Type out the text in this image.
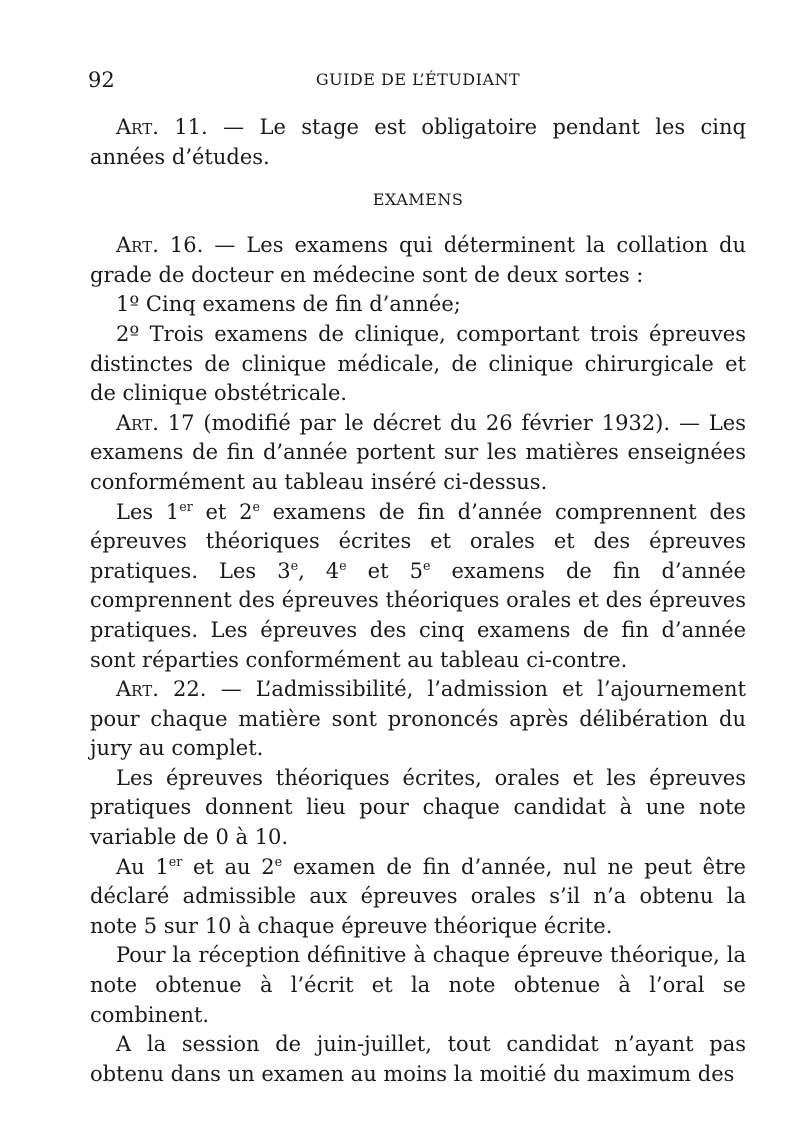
92	GUIDE DE L’ÉTUDIANT

Art. 11. — Le stage est obligatoire pendant les cinq années d’études.

EXAMENS

Art. 16. — Les examens qui déterminent la collation du grade de docteur en médecine sont de deux sortes :

1º Cinq examens de fin d’année;

2º Trois examens de clinique, comportant trois épreuves distinctes de clinique médicale, de clinique chirurgicale et de clinique obstétricale.

Art. 17 (modifié par le décret du 26 février 1932). — Les examens de fin d’année portent sur les matières enseignées conformément au tableau inséré ci-dessus.

Les 1er et 2e examens de fin d’année comprennent des épreuves théoriques écrites et orales et des épreuves pratiques. Les 3e, 4e et 5e examens de fin d’année comprennent des épreuves théoriques orales et des épreuves pratiques. Les épreuves des cinq examens de fin d’année sont réparties conformément au tableau ci-contre.

Art. 22. — L’admissibilité, l’admission et l’ajournement pour chaque matière sont prononcés après délibération du jury au complet.

Les épreuves théoriques écrites, orales et les épreuves pratiques donnent lieu pour chaque candidat à une note variable de 0 à 10.

Au 1er et au 2e examen de fin d’année, nul ne peut être déclaré admissible aux épreuves orales s’il n’a obtenu la note 5 sur 10 à chaque épreuve théorique écrite.

Pour la réception définitive à chaque épreuve théorique, la note obtenue à l’écrit et la note obtenue à l’oral se combinent.

A la session de juin-juillet, tout candidat n’ayant pas obtenu dans un examen au moins la moitié du maximum des
